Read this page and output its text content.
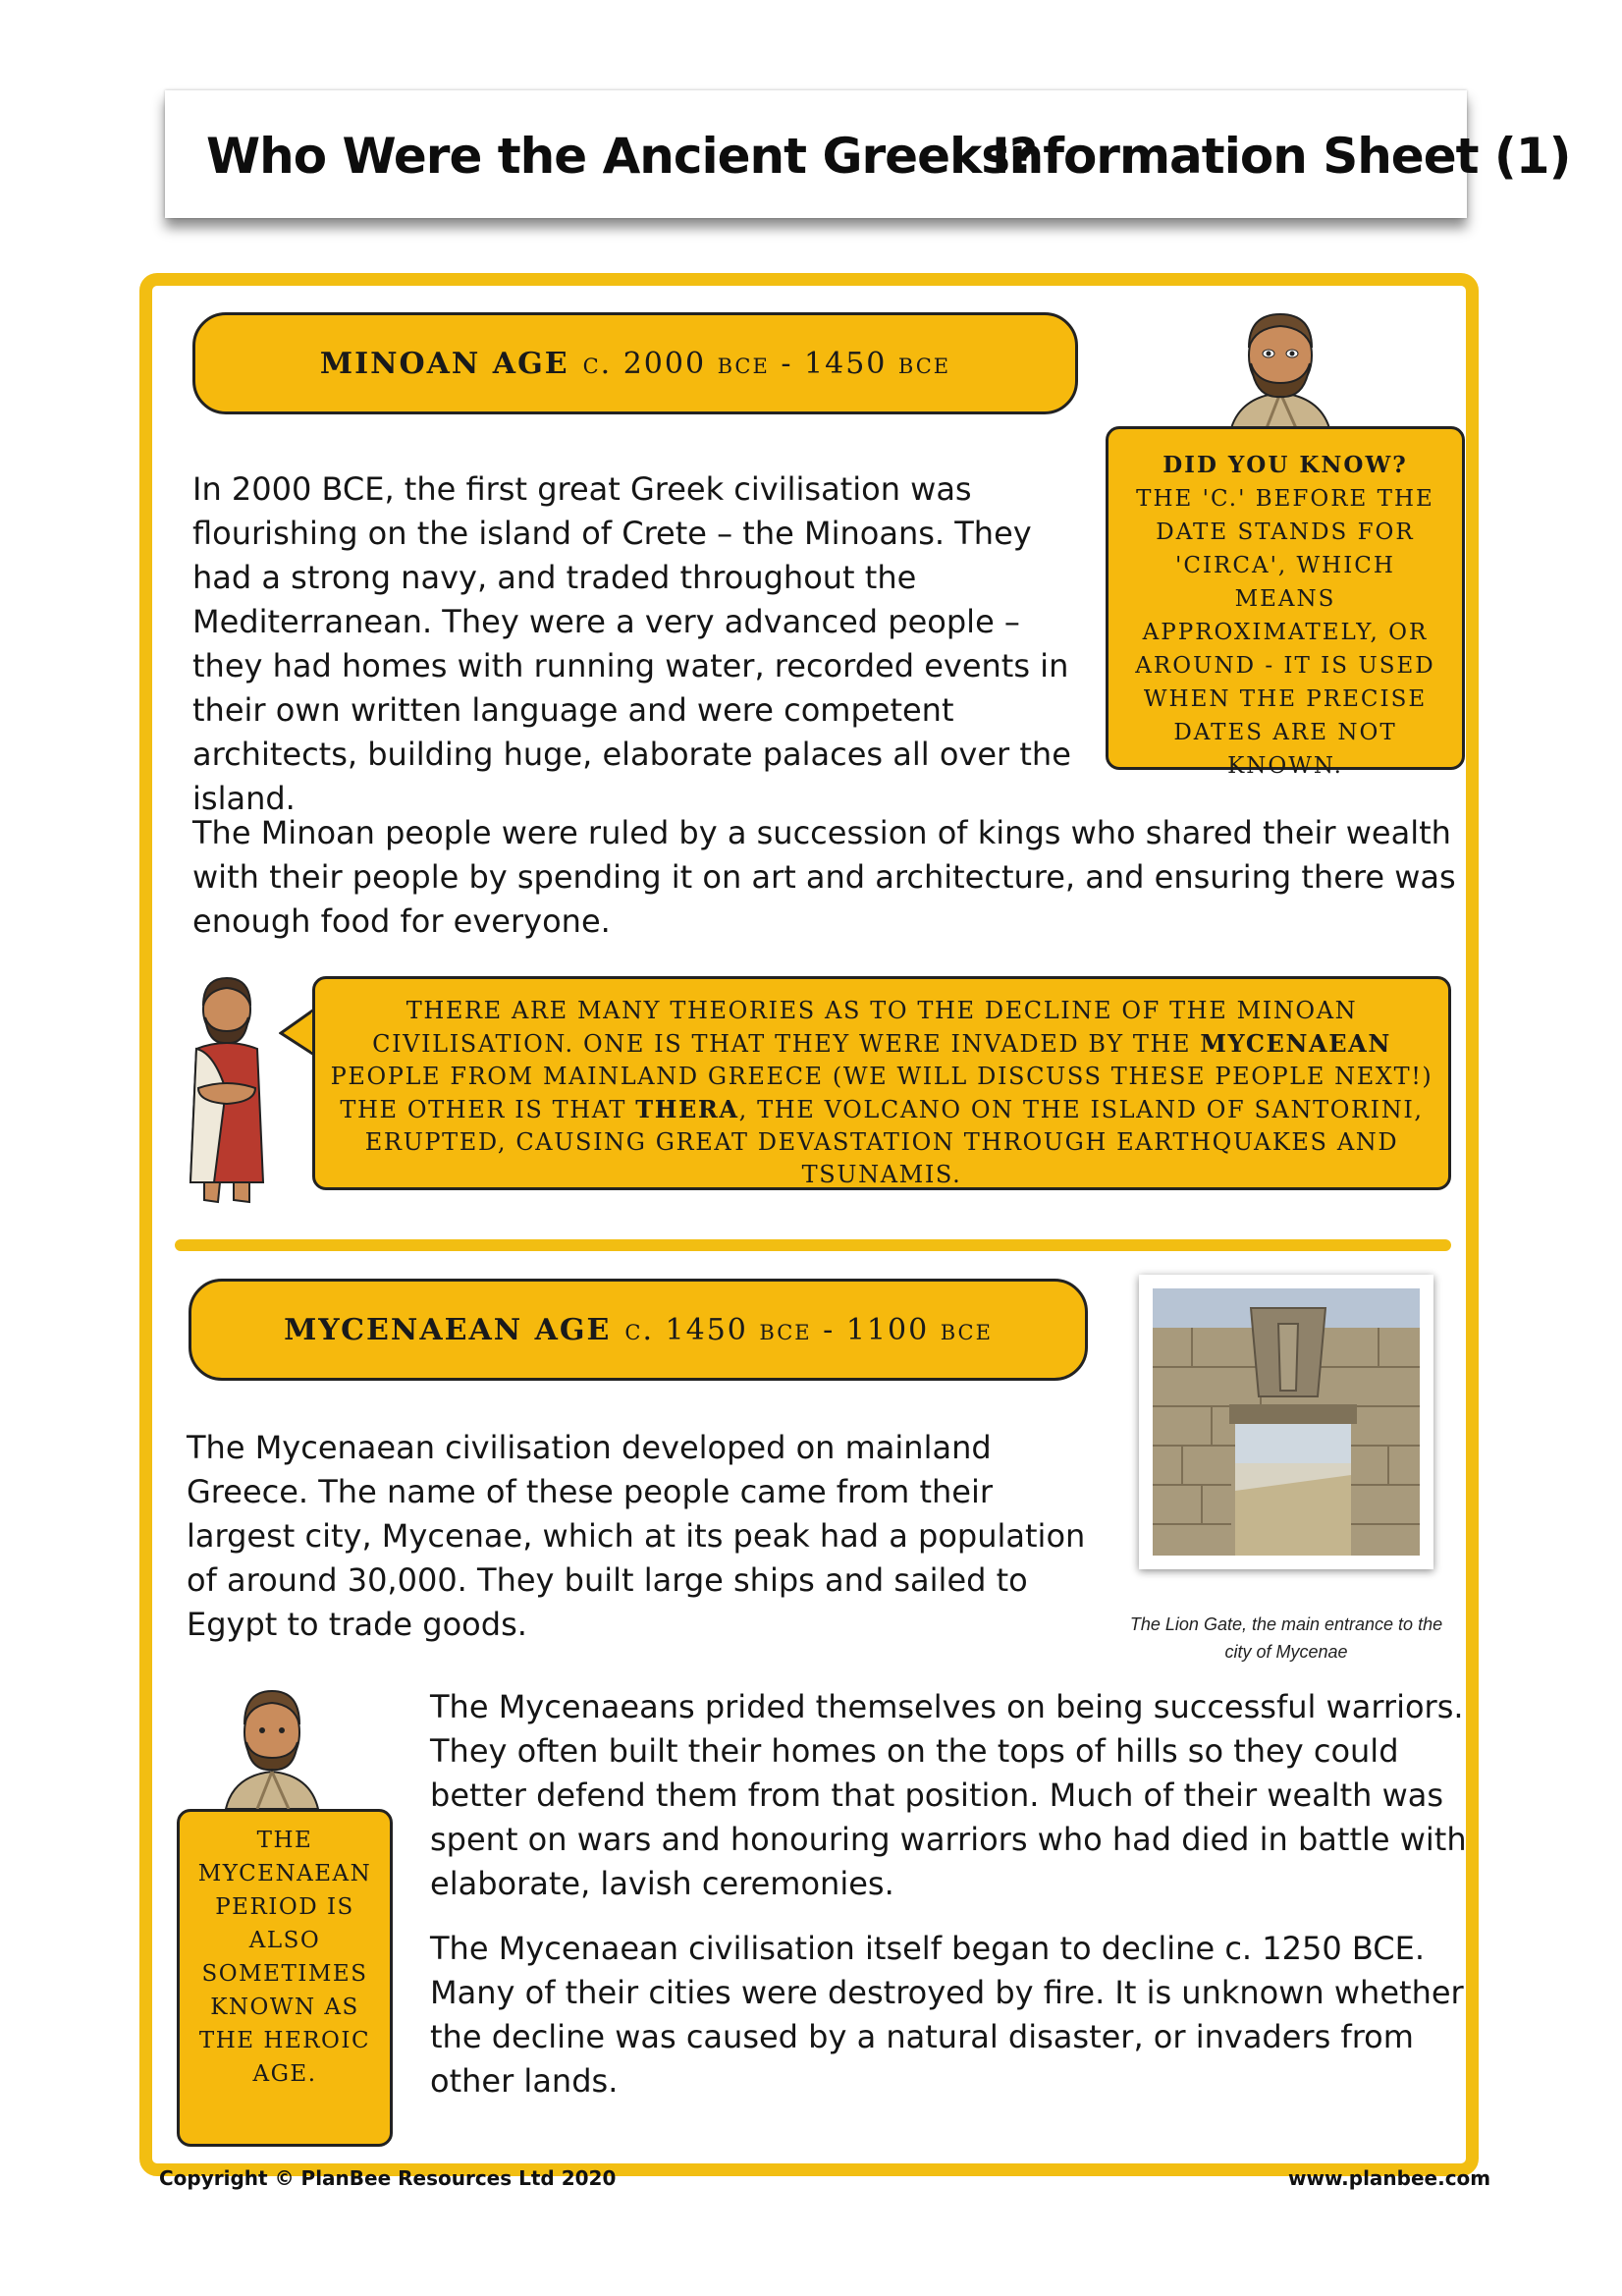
Who Were the Ancient Greeks?
Information Sheet (1)
MINOAN AGE c. 2000 bce - 1450 bce
DID YOU KNOW?
THE 'C.' BEFORE THE DATE STANDS FOR 'CIRCA', WHICH MEANS APPROXIMATELY, OR AROUND - IT IS USED WHEN THE PRECISE DATES ARE NOT KNOWN.
In 2000 BCE, the first great Greek civilisation was flourishing on the island of Crete – the Minoans. They had a strong navy, and traded throughout the Mediterranean. They were a very advanced people – they had homes with running water, recorded events in their own written language and were competent architects, building huge, elaborate palaces all over the island.
The Minoan people were ruled by a succession of kings who shared their wealth with their people by spending it on art and architecture, and ensuring there was enough food for everyone.
THERE ARE MANY THEORIES AS TO THE DECLINE OF THE MINOAN CIVILISATION. ONE IS THAT THEY WERE INVADED BY THE MYCENAEAN PEOPLE FROM MAINLAND GREECE (WE WILL DISCUSS THESE PEOPLE NEXT!) THE OTHER IS THAT THERA, THE VOLCANO ON THE ISLAND OF SANTORINI, ERUPTED, CAUSING GREAT DEVASTATION THROUGH EARTHQUAKES AND TSUNAMIS.
MYCENAEAN AGE c. 1450 bce - 1100 bce
The Lion Gate, the main entrance to the city of Mycenae
The Mycenaean civilisation developed on mainland Greece. The name of these people came from their largest city, Mycenae, which at its peak had a population of around 30,000. They built large ships and sailed to Egypt to trade goods.
THE MYCENAEAN PERIOD IS ALSO SOMETIMES KNOWN AS THE HEROIC AGE.
The Mycenaeans prided themselves on being successful warriors. They often built their homes on the tops of hills so they could better defend them from that position. Much of their wealth was spent on wars and honouring warriors who had died in battle with elaborate, lavish ceremonies.
The Mycenaean civilisation itself began to decline c. 1250 BCE. Many of their cities were destroyed by fire. It is unknown whether the decline was caused by a natural disaster, or invaders from other lands.
Copyright © PlanBee Resources Ltd 2020	www.planbee.com
